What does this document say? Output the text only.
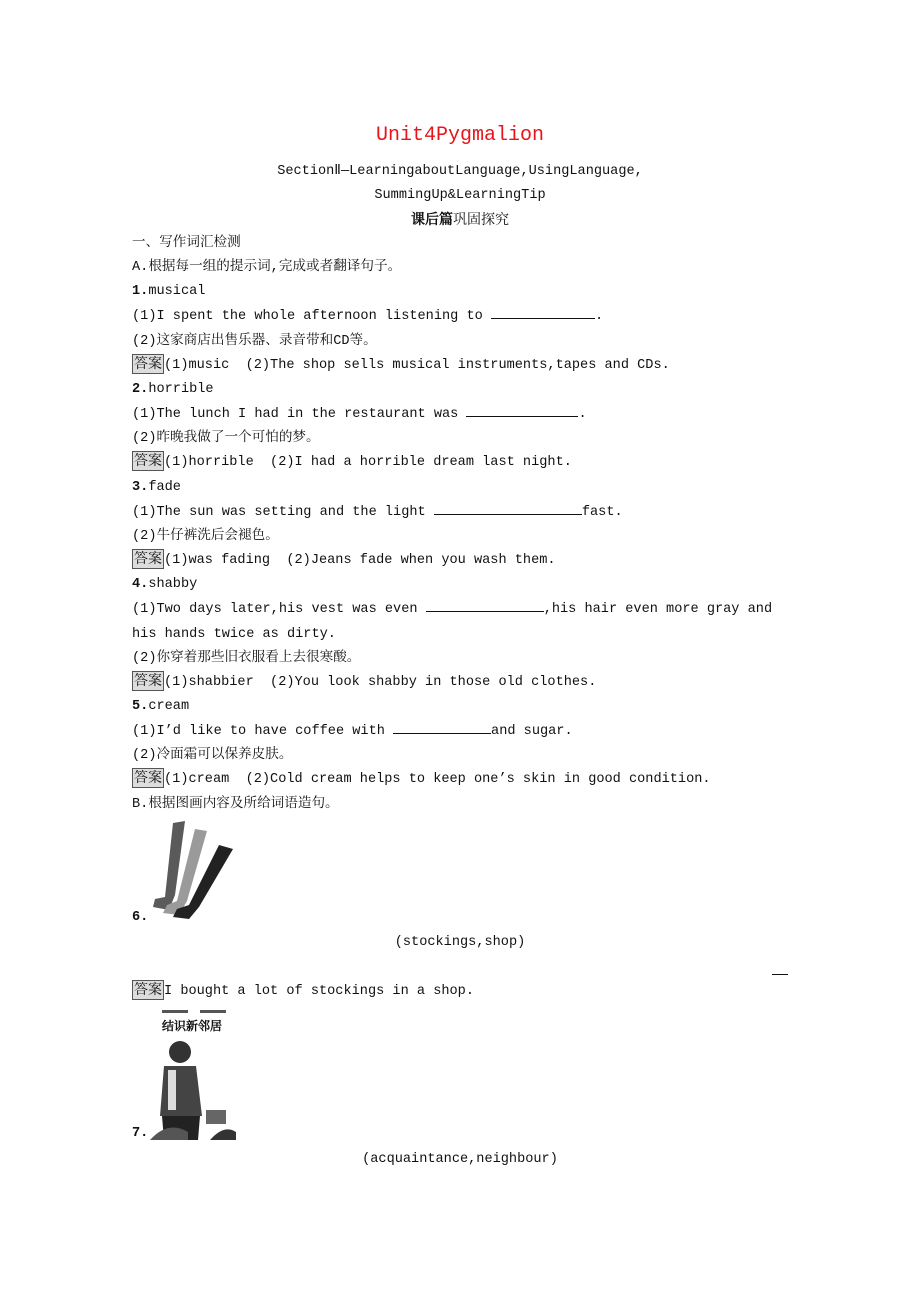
Unit4Pygmalion
SectionⅡ—LearningaboutLanguage,UsingLanguage,
SummingUp&LearningTip
课后篇巩固探究
一、写作词汇检测
A.根据每一组的提示词,完成或者翻译句子。
1.musical
(1)I spent the whole afternoon listening to	.
(2)这家商店出售乐器、录音带和CD等。
答案 (1)music  (2)The shop sells musical instruments,tapes and CDs.
2.horrible
(1)The lunch I had in the restaurant was	.
(2)昨晚我做了一个可怕的梦。
答案 (1)horrible  (2)I had a horrible dream last night.
3.fade
(1)The sun was setting and the light	fast.
(2)牛仔裤洗后会褪色。
答案 (1)was fading  (2)Jeans fade when you wash them.
4.shabby
(1)Two days later,his vest was even	,his hair even more gray and his hands twice as dirty.
(2)你穿着那些旧衣服看上去很寒酸。
答案 (1)shabbier  (2)You look shabby in those old clothes.
5.cream
(1)I’d like to have coffee with	and sugar.
(2)冷面霜可以保养皮肤。
答案 (1)cream  (2)Cold cream helps to keep one’s skin in good condition.
B.根据图画内容及所给词语造句。
6.
(stockings,shop)
答案 I bought a lot of stockings in a shop.
结识新邻居
7.
(acquaintance,neighbour)
